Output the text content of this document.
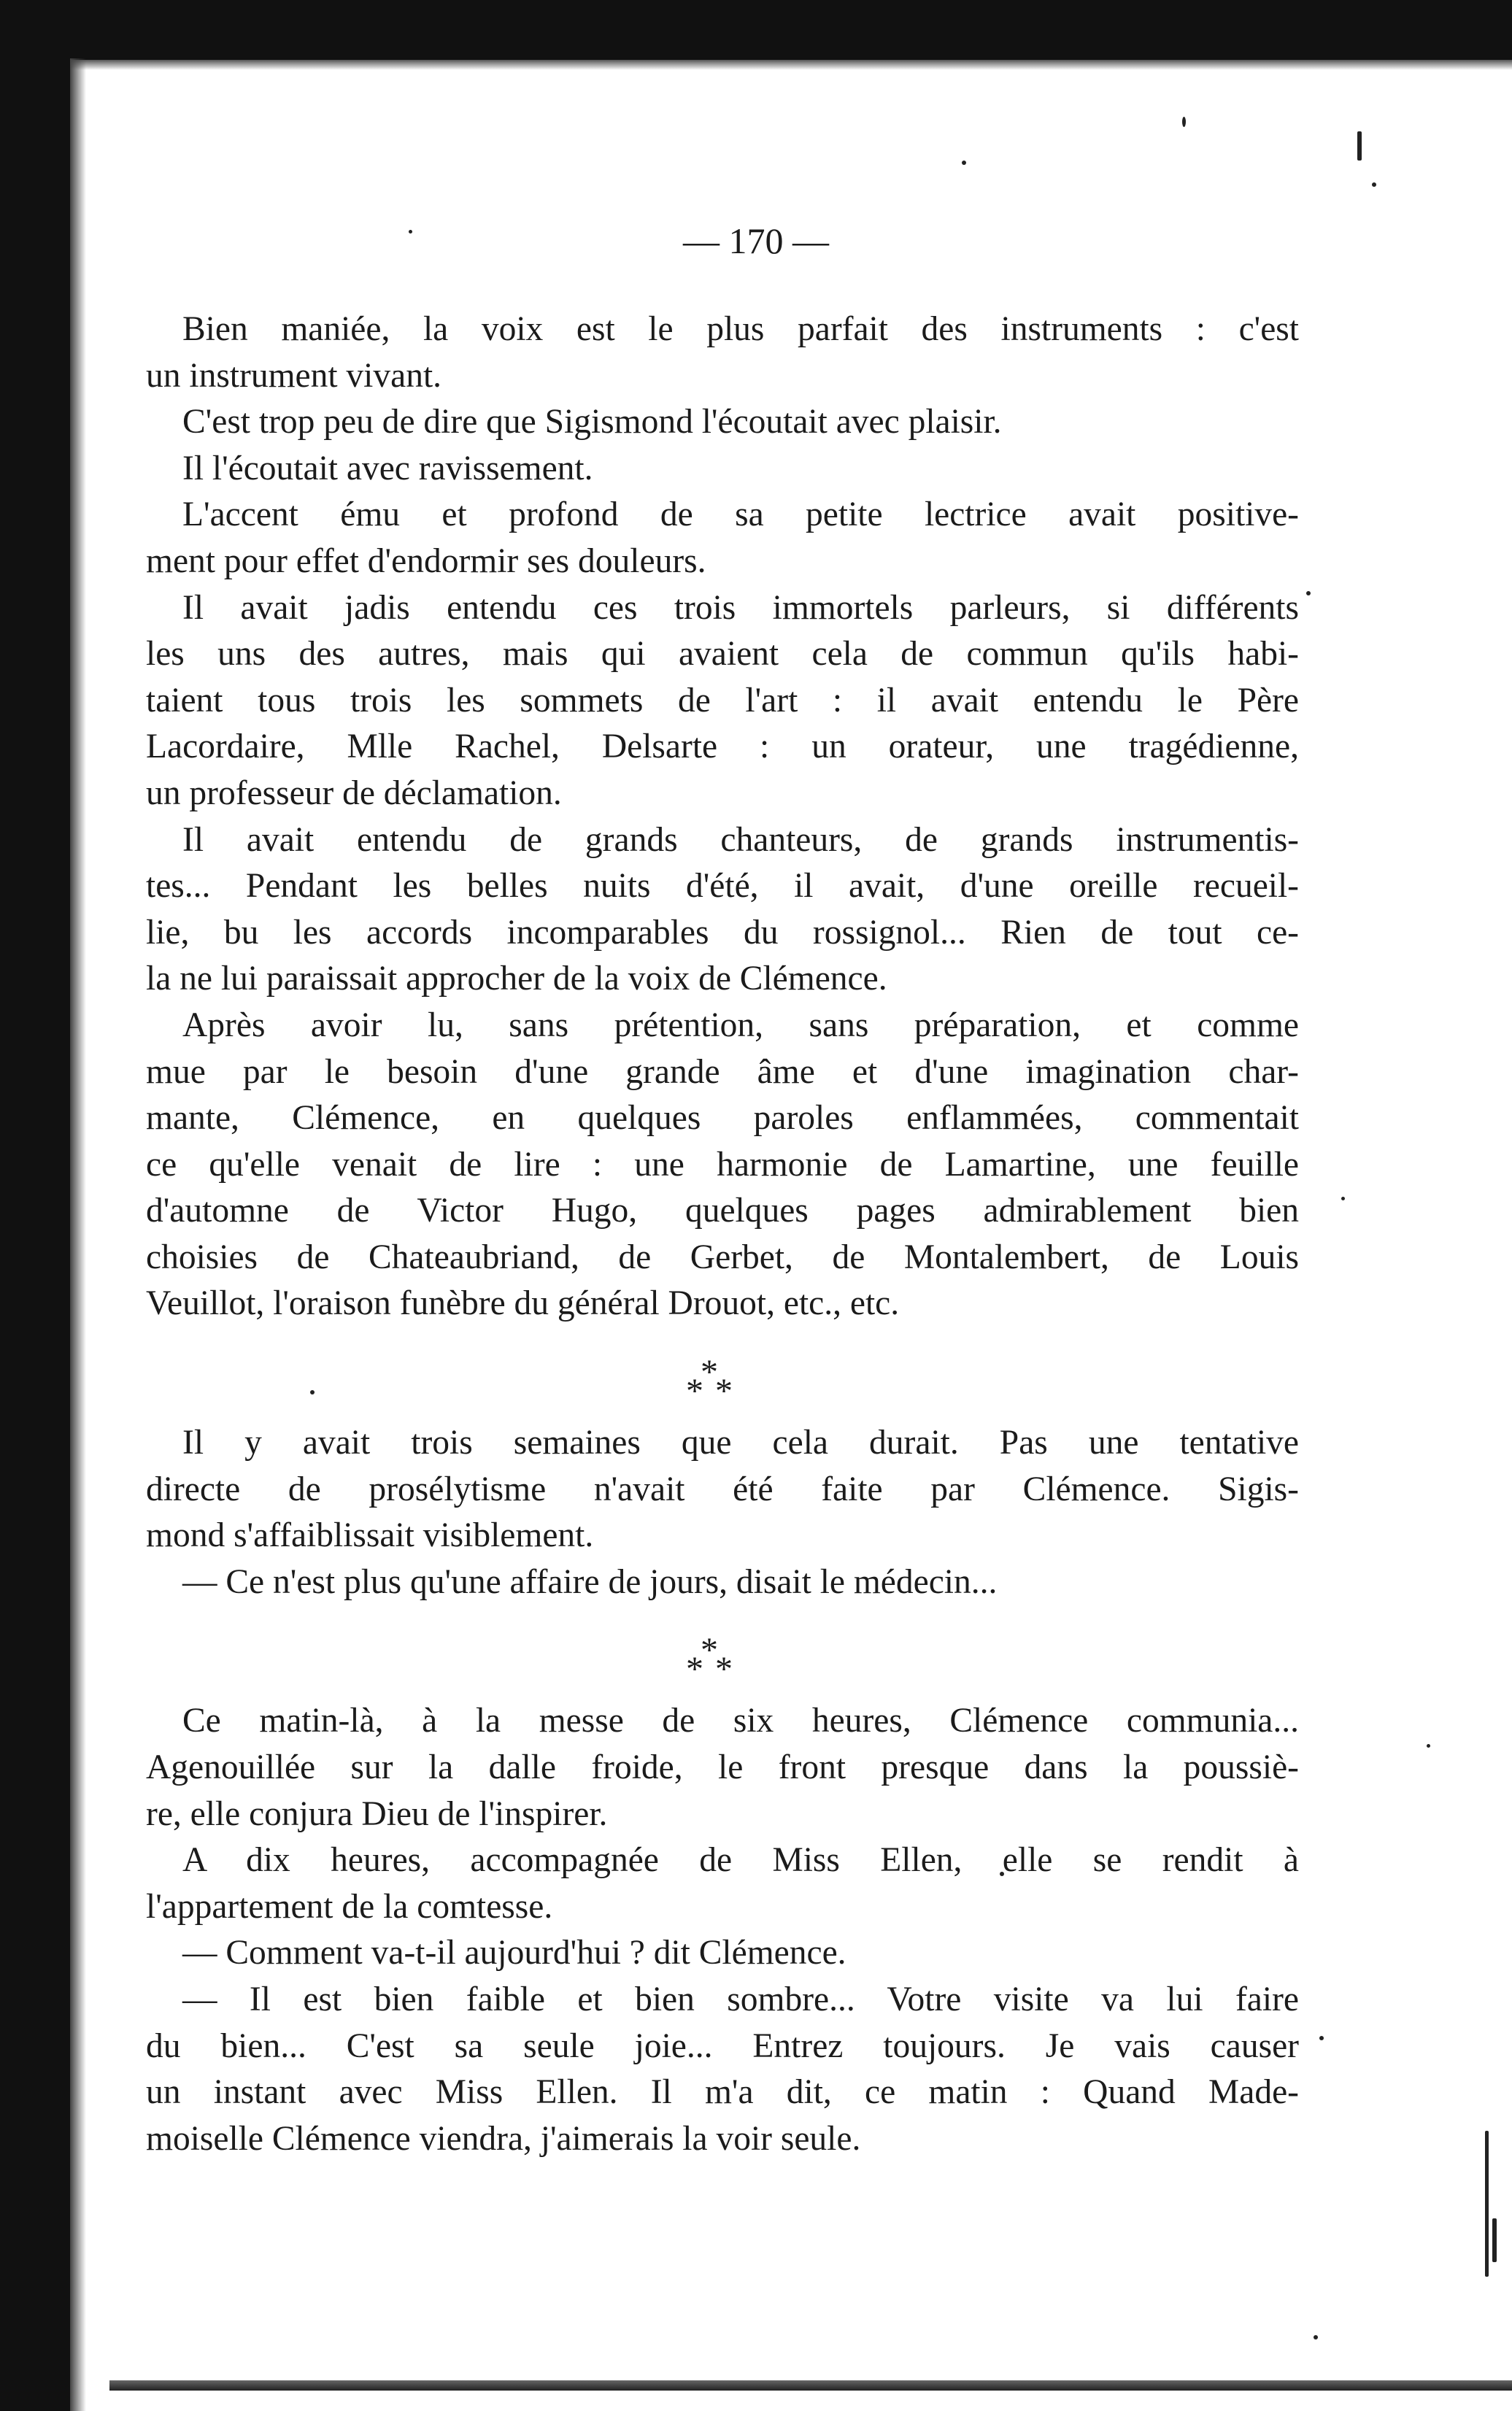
— 170 —
Bien maniée, la voix est le plus parfait des instruments : c'est
un instrument vivant.
C'est trop peu de dire que Sigismond l'écoutait avec plaisir.
Il l'écoutait avec ravissement.
L'accent ému et profond de sa petite lectrice avait positive-
ment pour effet d'endormir ses douleurs.
Il avait jadis entendu ces trois immortels parleurs, si différents
les uns des autres, mais qui avaient cela de commun qu'ils habi-
taient tous trois les sommets de l'art : il avait entendu le Père
Lacordaire, Mlle Rachel, Delsarte : un orateur, une tragédienne,
un professeur de déclamation.
Il avait entendu de grands chanteurs, de grands instrumentis-
tes... Pendant les belles nuits d'été, il avait, d'une oreille recueil-
lie, bu les accords incomparables du rossignol... Rien de tout ce-
la ne lui paraissait approcher de la voix de Clémence.
Après avoir lu, sans prétention, sans préparation, et comme
mue par le besoin d'une grande âme et d'une imagination char-
mante, Clémence, en quelques paroles enflammées, commentait
ce qu'elle venait de lire : une harmonie de Lamartine, une feuille
d'automne de Victor Hugo, quelques pages admirablement bien
choisies de Chateaubriand, de Gerbet, de Montalembert, de Louis
Veuillot, l'oraison funèbre du général Drouot, etc., etc.
*
* *
Il y avait trois semaines que cela durait. Pas une tentative
directe de prosélytisme n'avait été faite par Clémence. Sigis-
mond s'affaiblissait visiblement.
— Ce n'est plus qu'une affaire de jours, disait le médecin...
*
* *
Ce matin-là, à la messe de six heures, Clémence communia...
Agenouillée sur la dalle froide, le front presque dans la poussiè-
re, elle conjura Dieu de l'inspirer.
A dix heures, accompagnée de Miss Ellen, elle se rendit à
l'appartement de la comtesse.
— Comment va-t-il aujourd'hui ? dit Clémence.
— Il est bien faible et bien sombre... Votre visite va lui faire
du bien... C'est sa seule joie... Entrez toujours. Je vais causer
un instant avec Miss Ellen. Il m'a dit, ce matin : Quand Made-
moiselle Clémence viendra, j'aimerais la voir seule.
